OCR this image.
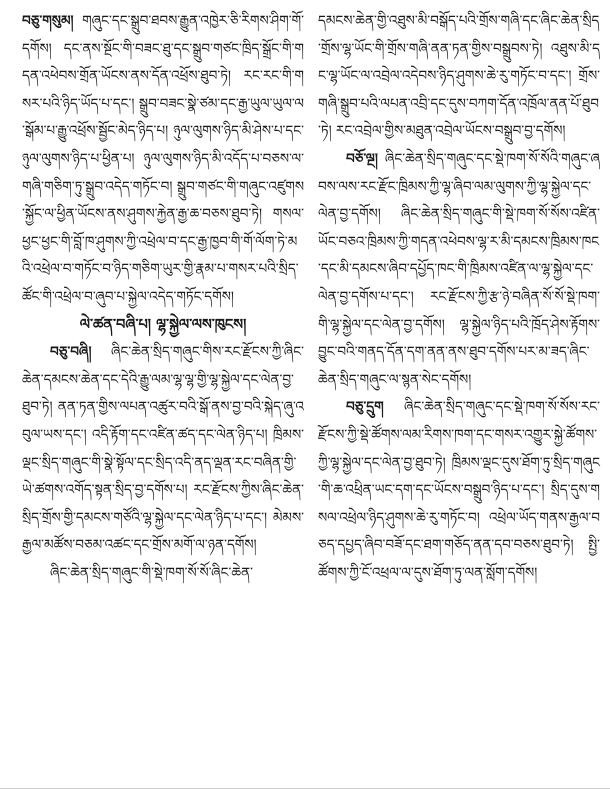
བཅུ་གསུམ། གཞུང་དང་སྒྲུབ་ཐབས་རྒྱུན་འཁྱེར་ཅི་རིགས་ཤིག་གོ་དགོས། དང་ནས་སྔོང་གི་བཟང་ཐུ་དང་སྒྲུབ་གཙང་ཁྲིད་སྒྲོང་གི་གདན་འཕེབས་གྲོན་ཡོངས་ནས་དོན་འཕྲོས་ཐུབ་ཏེ། རང་རང་གི་གསར་པའི་ཉིད་ཡོད་པ་དང་། སྒྲུབ་བཟང་སྣེ་ཙམ་དང་རྒྱ་ཡུལ་ཡུལ་ལ་སྒོམ་པ་རྒྱུ་འཕྲོས་སྦྱོང་མེད་ཉིད་པ། ཉུལ་ལུགས་ཉིད་མི་ཤེས་པ་དང་ཉུལ་ལུགས་ཉིད་པ་ཕྱིན་པ། ཉུལ་ལུགས་ཉིད་མི་འདོད་པ་བཅས་ལ་གཞི་གཅིག་ཏུ་སྒྲུབ་འདེད་གཏོང་བ། སྒྲུབ་གཙང་གི་གཞུང་འཛུགས་སྐྱོང་ལ་ཕྱིན་ཡོངས་ནས་ཤུགས་རྐྱེན་རྒྱ་ཆ་བཅས་ཐུབ་ཏེ། གསལ་ཕྱང་ཕྱང་གི་བློ་ཁ་ཤུགས་ཀྱི་འཕྲེལ་བ་དང་རྒྱ་ཁྱབ་གི་གོ་ལོག་ཏེ་མའི་འཕྲེལ་བ་གཏོང་བ་ཉིད་གཅིག་ཡུར་གྱི་རྣམ་པ་གསར་པའི་སྲིད་ཚོང་གི་འཕྲེལ་བ་ཞུབ་པ་སྐྱེལ་འདེད་གཏོང་དགོས།

ལེ་ཚན་བཞི་པ། ལྷ་སྐྱེལ་ལས་ཁུངས།

བཅུ་བཞི། ཞིང་ཆེན་སྲིད་གཞུང་གིས་རང་རྫོངས་ཀྱི་ཞིང་ཆེན་དམངས་ཆེན་དང་དེའི་རྒྱུ་ལམ་ལྷ་ལྷ་གྱི་ལྷ་སྐྱེལ་དང་ལེན་བྱ་ཐུབ་ཏེ། ནན་ཏན་གྱིས་ལཔན་འཚུར་བའི་སྒོ་ནས་བྱ་བའི་སྐེད་ཞུ་འབུལ་ཡས་དང་། འདི་རྟོག་དང་འཛིན་ཚད་དང་ལེན་ཉིད་པ། ཁྲིམས་ལྡང་སྲིད་གཞུང་གི་སྣེ་སྟོལ་དང་སྲིད་འདི་ནད་ལྡན་རང་བཞིན་གྱི་ཡེ་ཚགས་འགོད་སྟན་སྲིད་བྱ་དགོས་པ། རང་རྫོངས་ཀྱིས་ཞིང་ཆེན་སྲིད་གྲོས་གྱི་དམངས་གཙོའི་ལྷ་སྐྱེལ་དང་ལེན་ཉིད་པ་དང་། མེམས་རྒྱལ་མཚོས་བཅམ་འཚང་དང་གྲོས་མགོ་ལ་ཉན་དགོས།

ཞིང་ཆེན་སྲིད་གཞུང་གི་སྡེ་ཁག་སོ་སོ་ཞིང་ཆེན་

དམངས་ཆེན་གྱི་འཐུས་མི་བསྒོད་པའི་གྲོས་གཞི་དང་ཞིང་ཆེན་སྲིད་གྲོས་ལྷ་ཡོང་གི་གྲོས་གཞི་ནན་ཏན་གྱིས་བསྒྲུབས་ཏེ། འཐུས་མི་དང་ལྷ་ཡོང་ལ་འབྲེལ་འདེབས་ཉིད་ཤུགས་ཆེ་རུ་གཏོང་བ་དང་། གྲོས་གཞི་སྒྲུབ་པའི་ལཔན་འབྲི་དང་དུས་བཀག་དོན་འཁྲོལ་ནན་པོ་ཐུབ་ཏེ། རང་འབྲེལ་གྱིས་མཐུན་འབྲེལ་ཡོངས་བསྒྲུབ་བྱ་དགོས།

བཅོ་ལྔ། ཞིང་ཆེན་སྲིད་གཞུང་དང་སྡེ་ཁག་སོ་སོའི་གཞུང་ཞབས་ལས་རང་རྫོང་ཁྲིམས་ཀྱི་ལྷ་ཞིབ་ལམ་ལུགས་ཀྱི་ལྷ་སྐྱེལ་དང་ལེན་བྱ་དགོས། ཞིང་ཆེན་སྲིད་གཞུང་གི་སྡེ་ཁག་སོ་སོས་འཛིན་ཡོང་བཅའ་ཁྲིམས་ཀྱི་གདན་འཕེབས་ལྷ་ར་མི་དམངས་ཁྲིམས་ཁང་དང་མི་དམངས་ཞིབ་དཔྱོད་ཁང་གི་ཁྲིམས་འཛིན་ལ་ལྷ་སྐྱེལ་དང་ལེན་བྱ་དགོས་པ་དང་། རང་རྫོངས་ཀྱི་རྩ་ཉེ་བཞིན་སོ་སོ་སྡེ་ཁག་གི་ལྷ་སྐྱེལ་དང་ལེན་བྱ་དགོས། ལྷ་སྐྱེལ་ཉིད་པའི་ཁྲོད་ཤེས་རྟོགས་བྱུང་བའི་གནད་དོན་དག་ནན་ནས་ཐུབ་དགོས་པར་མ་ཟད་ཞིང་ཆེན་སྲིད་གཞུང་ལ་སྙན་སེང་དགོས།

བཅུ་དྲུག ཞིང་ཆེན་སྲིད་གཞུང་དང་སྡེ་ཁག་སོ་སོས་རང་རྫོངས་ཀྱི་སྡེ་ཚོགས་ལམ་རིགས་ཁག་དང་གསར་འགྱུར་སྐྱེ་ཚོགས་ཀྱི་ལྷ་སྐྱེལ་དང་ལེན་བྱ་ཐུབ་ཏེ། ཁྲིམས་ལྡང་དུས་ཐོག་ཏུ་སྲིད་གཞུང་གི་ཆ་འཕྲིན་ཡང་དག་དང་ཡོངས་བསྒྲུབ་ཉིད་པ་དང་། སྲིད་དུས་གསལ་འཕྲེལ་ཉིད་ཤུགས་ཆེ་རུ་གཏོང་བ། འཕྲེལ་ཡོད་གནས་རྒྱལ་བཅད་དཔྱད་ཞིབ་བཟོ་དང་ཐག་གཅོད་ནན་དབ་བཅས་ཐུབ་ཏེ། སྤྱི་ཚོགས་ཀྱི་ངོ་འཕྲལ་ལ་དུས་ཐོག་ཏུ་ལན་སློག་དགོས།
